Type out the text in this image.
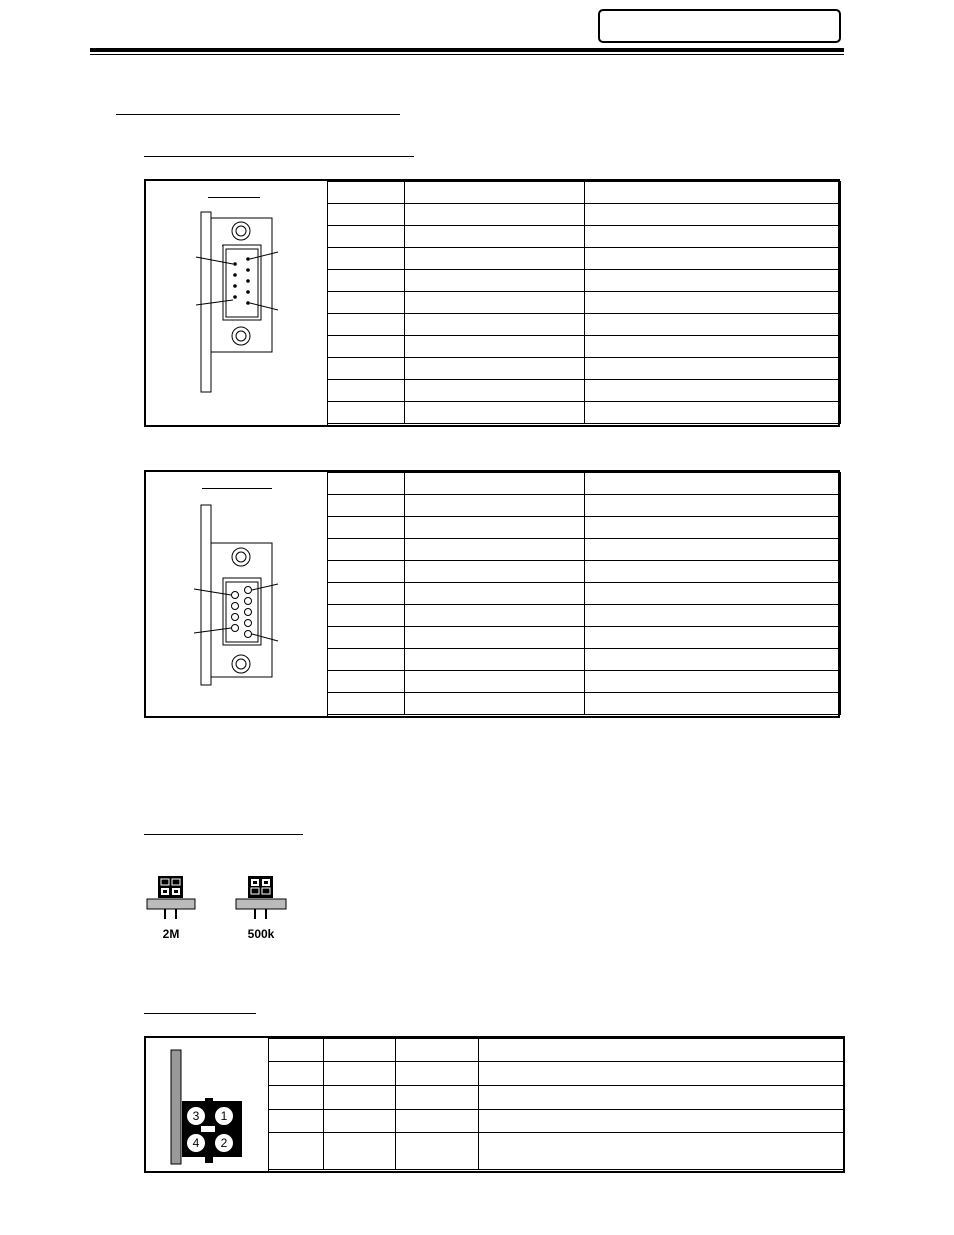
2M	500k
3 1
4 2
